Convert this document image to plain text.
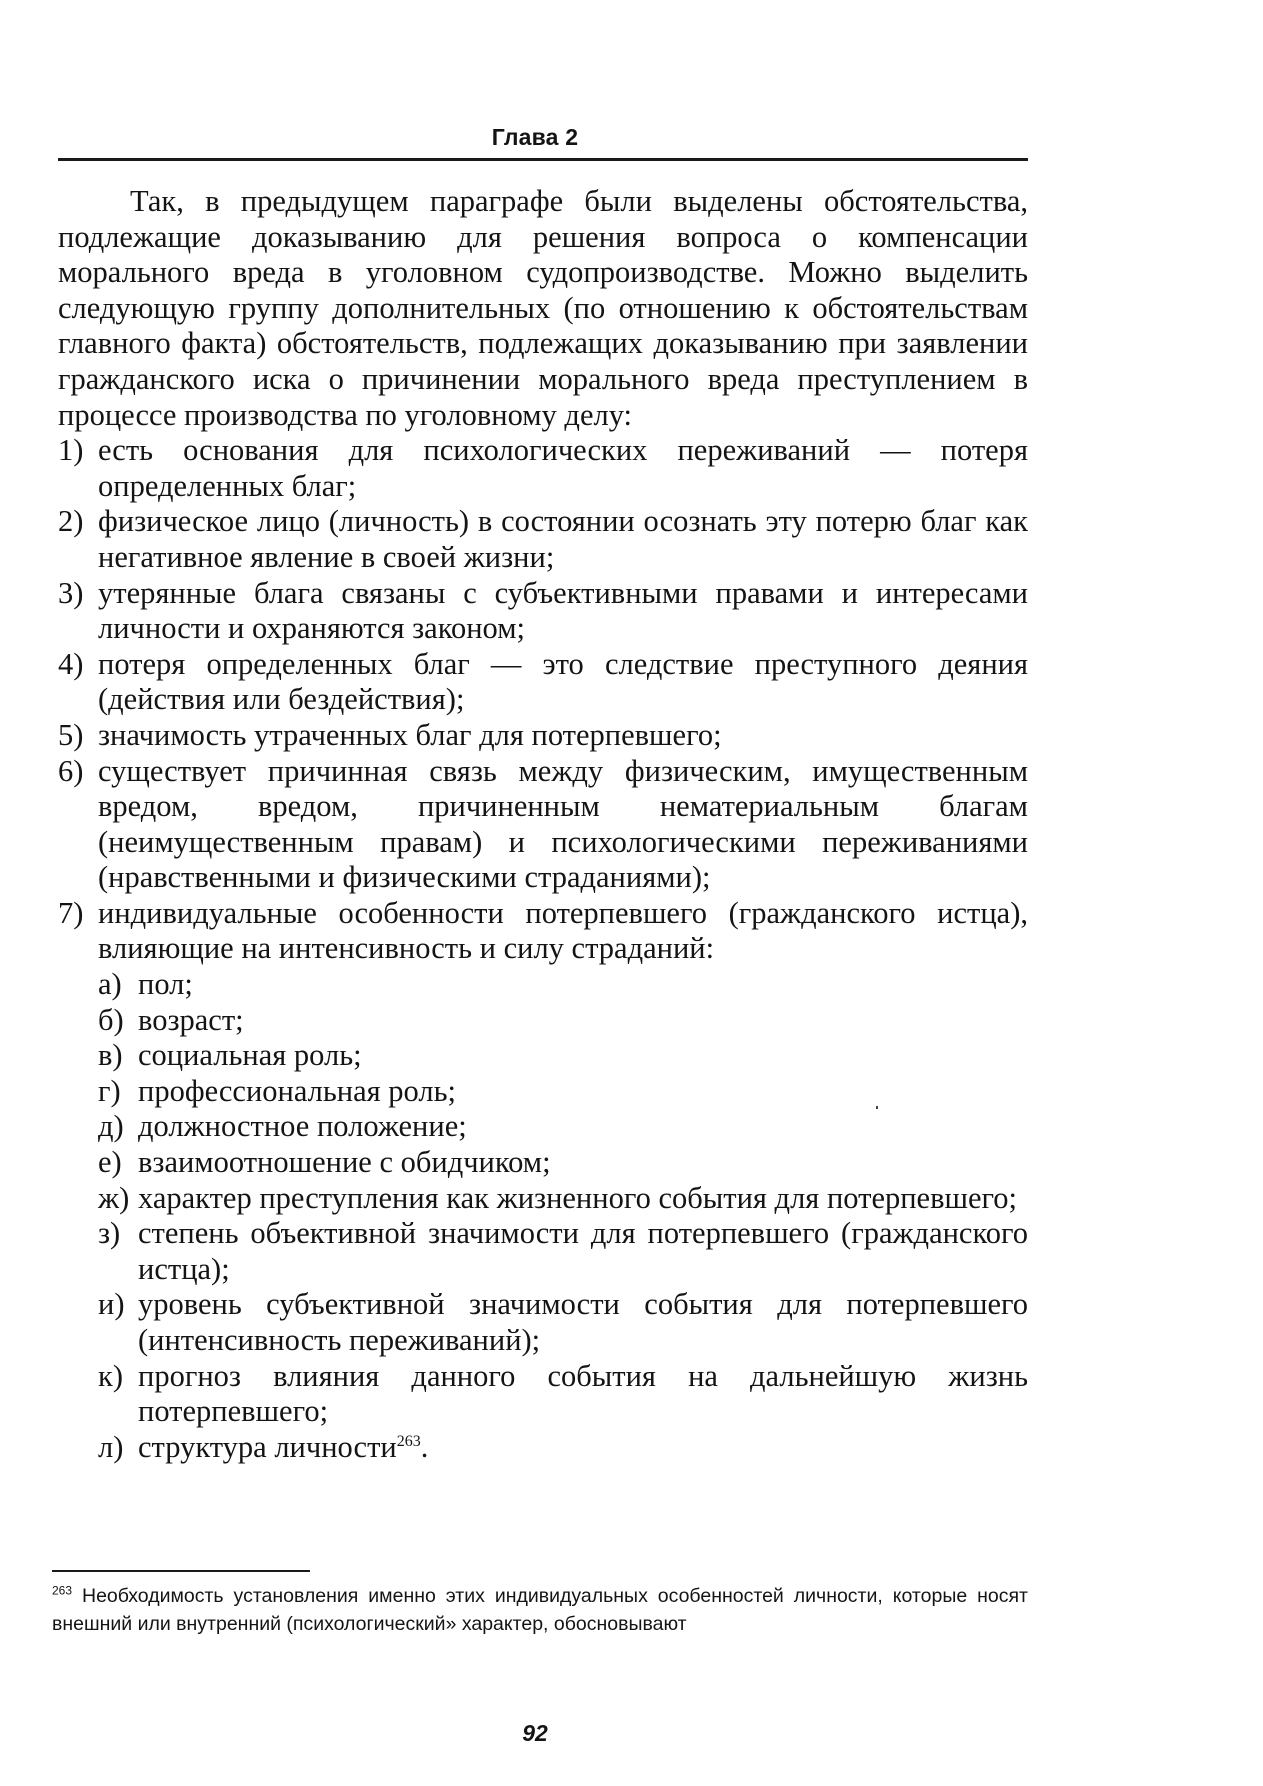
Глава 2

Так, в предыдущем параграфе были выделены обстоятельства, подлежащие доказыванию для решения вопроса о компенсации морального вреда в уголовном судопроизводстве. Можно выделить следующую группу дополнительных (по отношению к обстоятельствам главного факта) обстоятельств, подлежащих доказыванию при заявлении гражданского иска о причинении морального вреда преступлением в процессе производства по уголовному делу:

1) есть основания для психологических переживаний — потеря определенных благ;
2) физическое лицо (личность) в состоянии осознать эту потерю благ как негативное явление в своей жизни;
3) утерянные блага связаны с субъективными правами и интересами личности и охраняются законом;
4) потеря определенных благ — это следствие преступного деяния (действия или бездействия);
5) значимость утраченных благ для потерпевшего;
6) существует причинная связь между физическим, имущественным вредом, вредом, причиненным нематериальным благам (неимущественным правам) и психологическими переживаниями (нравственными и физическими страданиями);
7) индивидуальные особенности потерпевшего (гражданского истца), влияющие на интенсивность и силу страданий:
а) пол;
б) возраст;
в) социальная роль;
г) профессиональная роль;
д) должностное положение;
е) взаимоотношение с обидчиком;
ж) характер преступления как жизненного события для потерпевшего;
з) степень объективной значимости для потерпевшего (гражданского истца);
и) уровень субъективной значимости события для потерпевшего (интенсивность переживаний);
к) прогноз влияния данного события на дальнейшую жизнь потерпевшего;
л) структура личности$^{263}$.
$^{263}$ Необходимость установления именно этих индивидуальных особенностей личности, которые носят внешний или внутренний (психологический» характер, обосновывают
92
